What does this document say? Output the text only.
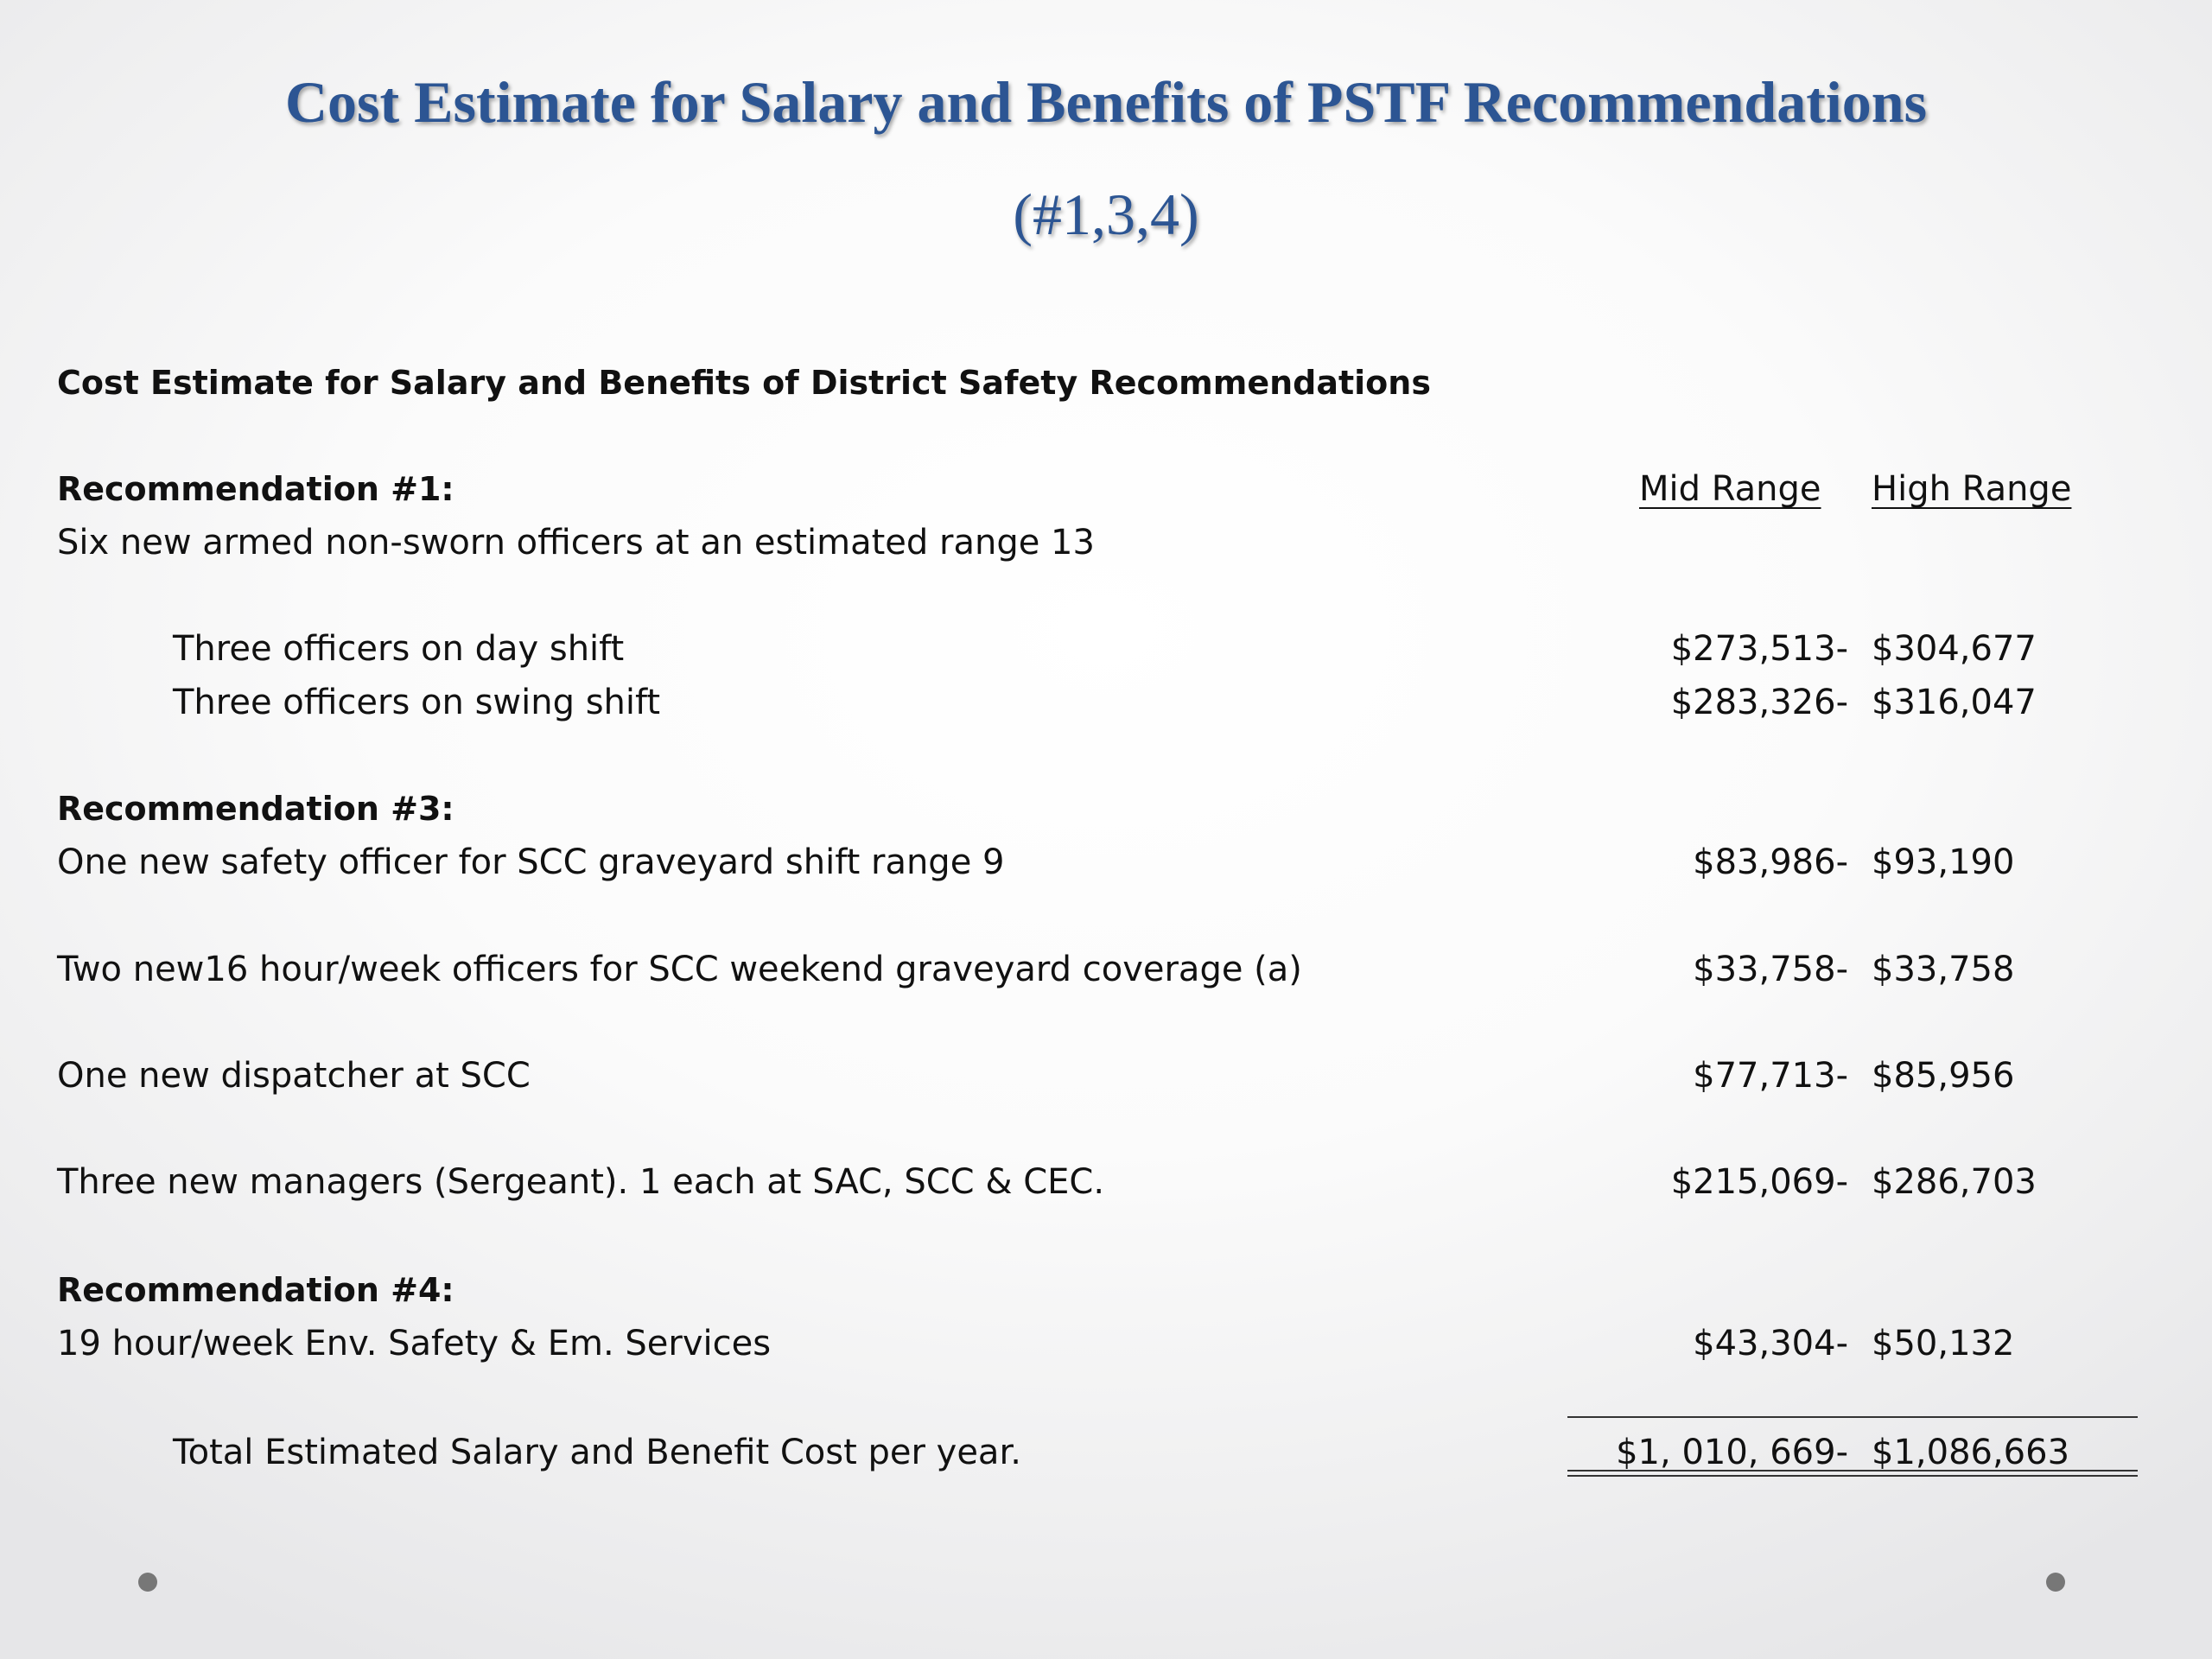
Cost Estimate for Salary and Benefits of PSTF Recommendations
(#1,3,4)
Cost Estimate for Salary and Benefits of District Safety Recommendations
Recommendation #1:	Mid Range High Range
Six new armed non-sworn officers at an estimated range 13
Three officers on day shift	$273,513- $304,677
Three officers on swing shift	$283,326- $316,047
Recommendation #3:
One new safety officer for SCC graveyard shift range 9	$83,986- $93,190
Two new16 hour/week officers for SCC weekend graveyard coverage (a)	$33,758- $33,758
One new dispatcher at SCC	$77,713- $85,956
Three new managers (Sergeant). 1 each at SAC, SCC & CEC.	$215,069- $286,703
Recommendation #4:
19 hour/week Env. Safety & Em. Services	$43,304- $50,132
Total Estimated Salary and Benefit Cost per year.	$1, 010, 669- $1,086,663
